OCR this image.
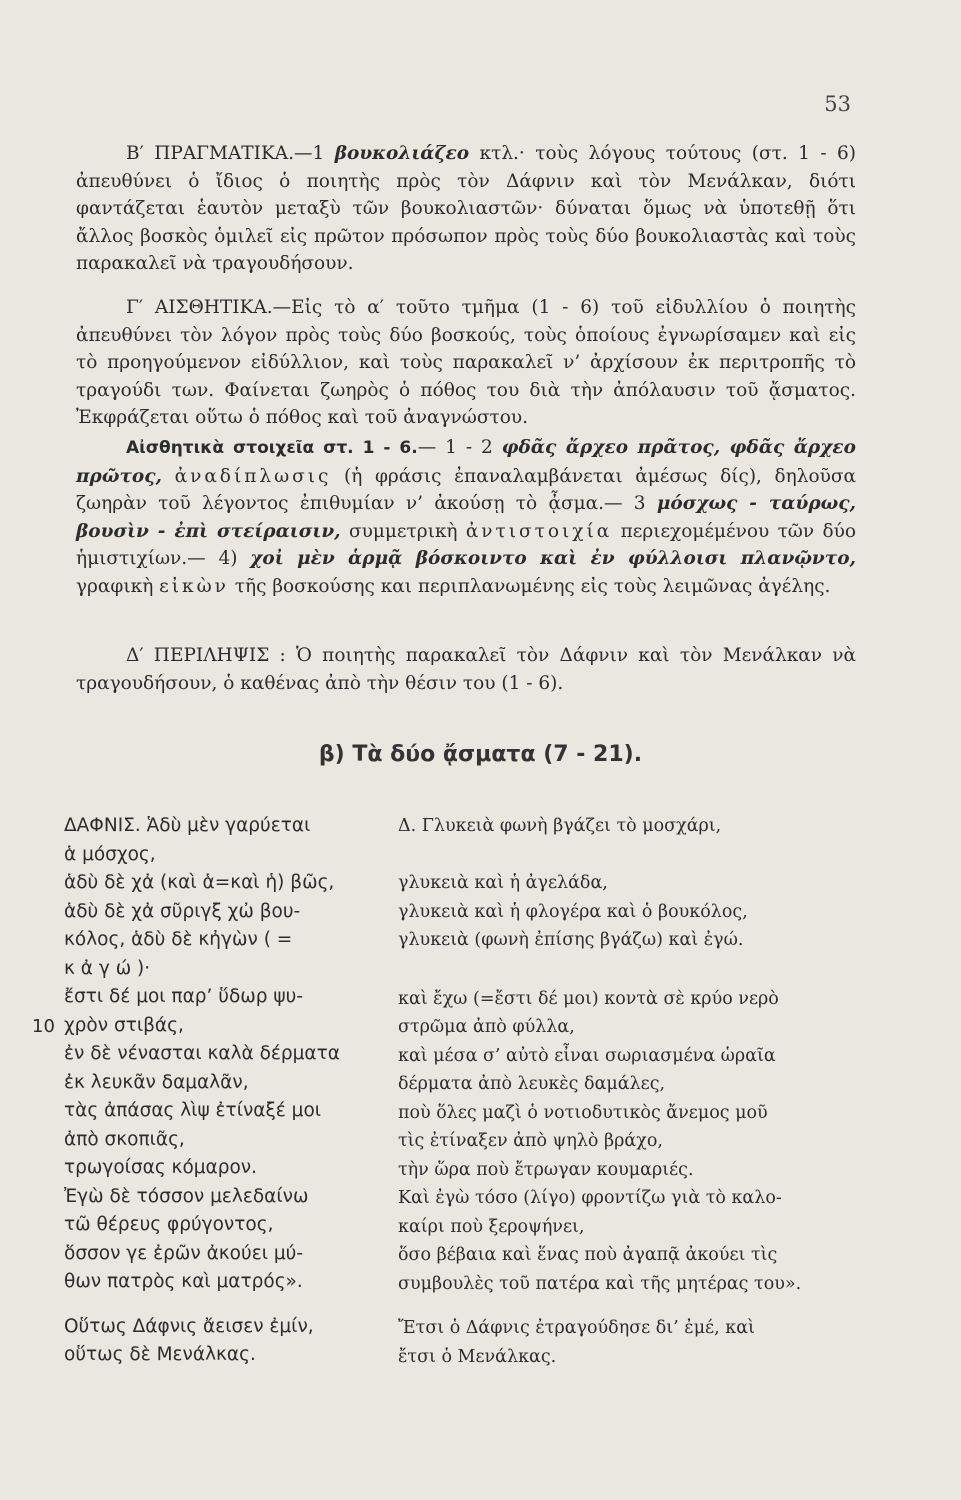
53

Β′ ΠΡΑΓΜΑΤΙΚΑ.—1 βουκολιάζεο κτλ.· τοὺς λόγους τούτους (στ. 1 - 6) ἀπευθύνει ὁ ἴδιος ὁ ποιητὴς πρὸς τὸν Δάφνιν καὶ τὸν Μενάλκαν, διότι φαντάζεται ἑαυτὸν μεταξὺ τῶν βουκολιαστῶν· δύναται ὅμως νὰ ὑποτεθῇ ὅτι ἄλλος βοσκὸς ὁμιλεῖ εἰς πρῶτον πρόσωπον πρὸς τοὺς δύο βουκολιαστὰς καὶ τοὺς παρακαλεῖ νὰ τραγουδήσουν.

Γ′ ΑΙΣΘΗΤΙΚΑ.—Εἰς τὸ α′ τοῦτο τμῆμα (1 - 6) τοῦ εἰδυλλίου ὁ ποιητὴς ἀπευθύνει τὸν λόγον πρὸς τοὺς δύο βοσκούς, τοὺς ὁποίους ἐγνωρίσαμεν καὶ εἰς τὸ προηγούμενον εἰδύλλιον, καὶ τοὺς παρακαλεῖ ν’ ἀρχίσουν ἐκ περιτροπῆς τὸ τραγούδι των. Φαίνεται ζωηρὸς ὁ πόθος του διὰ τὴν ἀπόλαυσιν τοῦ ᾄσματος. Ἐκφράζεται οὕτω ὁ πόθος καὶ τοῦ ἀναγνώστου.

Αἰσθητικὰ στοιχεῖα στ. 1 - 6.— 1 - 2 φδᾶς ἄρχεο πρᾶτος, φδᾶς ἄρχεο πρῶτος, ἀναδίπλωσις (ἡ φράσις ἐπαναλαμβάνεται ἀμέσως δίς), δηλοῦσα ζωηρὰν τοῦ λέγοντος ἐπιθυμίαν ν’ ἀκούσῃ τὸ ᾆσμα.— 3 μόσχως - ταύρως, βουσὶν - ἐπὶ στείραισιν, συμμετρικὴ ἀντιστοιχία περιεχομέμένου τῶν δύο ἡμιστιχίων.— 4) χοἰ μὲν ἁρμᾷ βόσκοιντο καὶ ἐν φύλλοισι πλανῷντο, γραφικὴ εἰκὼν τῆς βοσκούσης και περιπλανωμένης εἰς τοὺς λειμῶνας ἀγέλης.

Δ′ ΠΕΡΙΛΗΨΙΣ : Ὁ ποιητὴς παρακαλεῖ τὸν Δάφνιν καὶ τὸν Μενάλκαν νὰ τραγουδήσουν, ὁ καθένας ἀπὸ τὴν θέσιν του (1 - 6).

β) Τὰ δύο ᾄσματα (7 - 21).
10
ΔΑΦΝΙΣ. Ἁδὺ μὲν γαρύεται
ἁ μόσχος,
ἁδὺ δὲ χἀ (καὶ ἁ=καὶ ἡ) βῶς,
ἁδὺ δὲ χἀ σῦριγξ χὠ βου-
κόλος, ἁδὺ δὲ κἠγὼν ( =
κ ἀ γ ώ )·
ἔστι δέ μοι παρ’ ὕδωρ ψυ-
χρὸν στιβάς,
ἐν δὲ νένασται καλὰ δέρματα
ἐκ λευκᾶν δαμαλᾶν,
τὰς ἀπάσας λὶψ ἐτίναξέ μοι
ἀπὸ σκοπιᾶς,
τρωγοίσας κόμαρον.
Ἐγὼ δὲ τόσσον μελεδαίνω
τῶ θέρευς φρύγοντος,
ὅσσον γε ἐρῶν ἀκούει μύ-
θων πατρὸς καὶ ματρός».
Οὕτως Δάφνις ἄεισεν ἐμίν,
οὕτως δὲ Μενάλκας.
Δ. Γλυκειὰ φωνὴ βγάζει τὸ μοσχάρι,
γλυκειὰ καὶ ἡ ἀγελάδα,
γλυκειὰ καὶ ἡ φλογέρα καὶ ὁ βουκόλος,
γλυκειὰ (φωνὴ ἐπίσης βγάζω) καὶ ἐγώ.
καὶ ἔχω (=ἔστι δέ μοι) κοντὰ σὲ κρύο νερὸ
στρῶμα ἀπὸ φύλλα,
καὶ μέσα σ’ αὐτὸ εἶναι σωριασμένα ὡραῖα
δέρματα ἀπὸ λευκὲς δαμάλες,
ποὺ ὅλες μαζὶ ὁ νοτιοδυτικὸς ἄνεμος μοῦ
τὶς ἐτίναξεν ἀπὸ ψηλὸ βράχο,
τὴν ὥρα ποὺ ἔτρωγαν κουμαριές.
Καὶ ἐγὼ τόσο (λίγο) φροντίζω γιὰ τὸ καλο-
καίρι ποὺ ξεροψήνει,
ὅσο βέβαια καὶ ἕνας ποὺ ἀγαπᾷ ἀκούει τὶς
συμβουλὲς τοῦ πατέρα καὶ τῆς μητέρας του».
Ἔτσι ὁ Δάφνις ἐτραγούδησε δι’ ἐμέ, καὶ
ἔτσι ὁ Μενάλκας.
